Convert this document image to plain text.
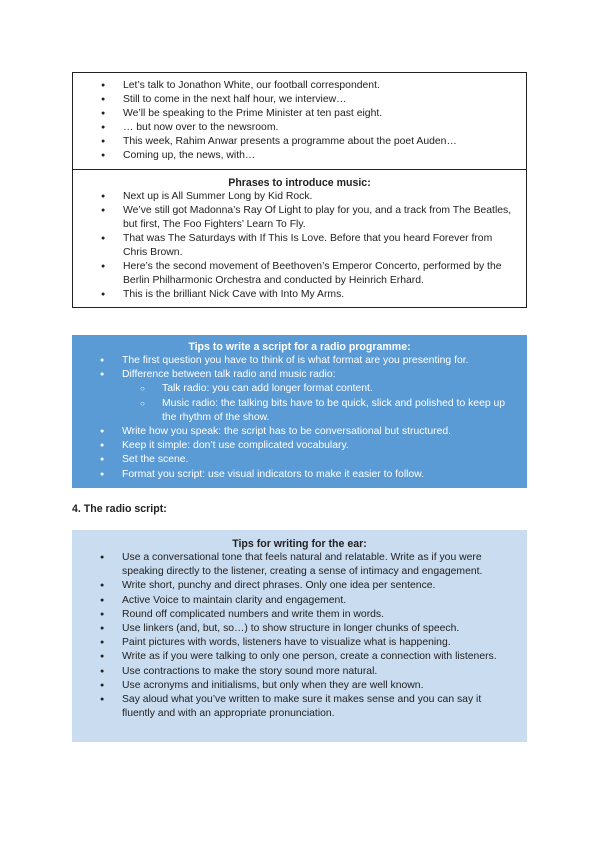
● Let’s talk to Jonathon White, our football correspondent.
● Still to come in the next half hour, we interview…
● We’ll be speaking to the Prime Minister at ten past eight.
● … but now over to the newsroom.
● This week, Rahim Anwar presents a programme about the poet Auden…
● Coming up, the news, with…
Phrases to introduce music:
● Next up is All Summer Long by Kid Rock.
● We’ve still got Madonna’s Ray Of Light to play for you, and a track from The Beatles, but first, The Foo Fighters’ Learn To Fly.
● That was The Saturdays with If This Is Love. Before that you heard Forever from Chris Brown.
● Here’s the second movement of Beethoven’s Emperor Concerto, performed by the Berlin Philharmonic Orchestra and conducted by Heinrich Erhard.
● This is the brilliant Nick Cave with Into My Arms.
Tips to write a script for a radio programme:
● The first question you have to think of is what format are you presenting for.
● Difference between talk radio and music radio:
○ Talk radio: you can add longer format content.
○ Music radio: the talking bits have to be quick, slick and polished to keep up the rhythm of the show.
● Write how you speak: the script has to be conversational but structured.
● Keep it simple: don’t use complicated vocabulary.
● Set the scene.
● Format you script: use visual indicators to make it easier to follow.
4. The radio script:
Tips for writing for the ear:
● Use a conversational tone that feels natural and relatable. Write as if you were speaking directly to the listener, creating a sense of intimacy and engagement.
● Write short, punchy and direct phrases. Only one idea per sentence.
● Active Voice to maintain clarity and engagement.
● Round off complicated numbers and write them in words.
● Use linkers (and, but, so…) to show structure in longer chunks of speech.
● Paint pictures with words, listeners have to visualize what is happening.
● Write as if you were talking to only one person, create a connection with listeners.
● Use contractions to make the story sound more natural.
● Use acronyms and initialisms, but only when they are well known.
● Say aloud what you’ve written to make sure it makes sense and you can say it fluently and with an appropriate pronunciation.
